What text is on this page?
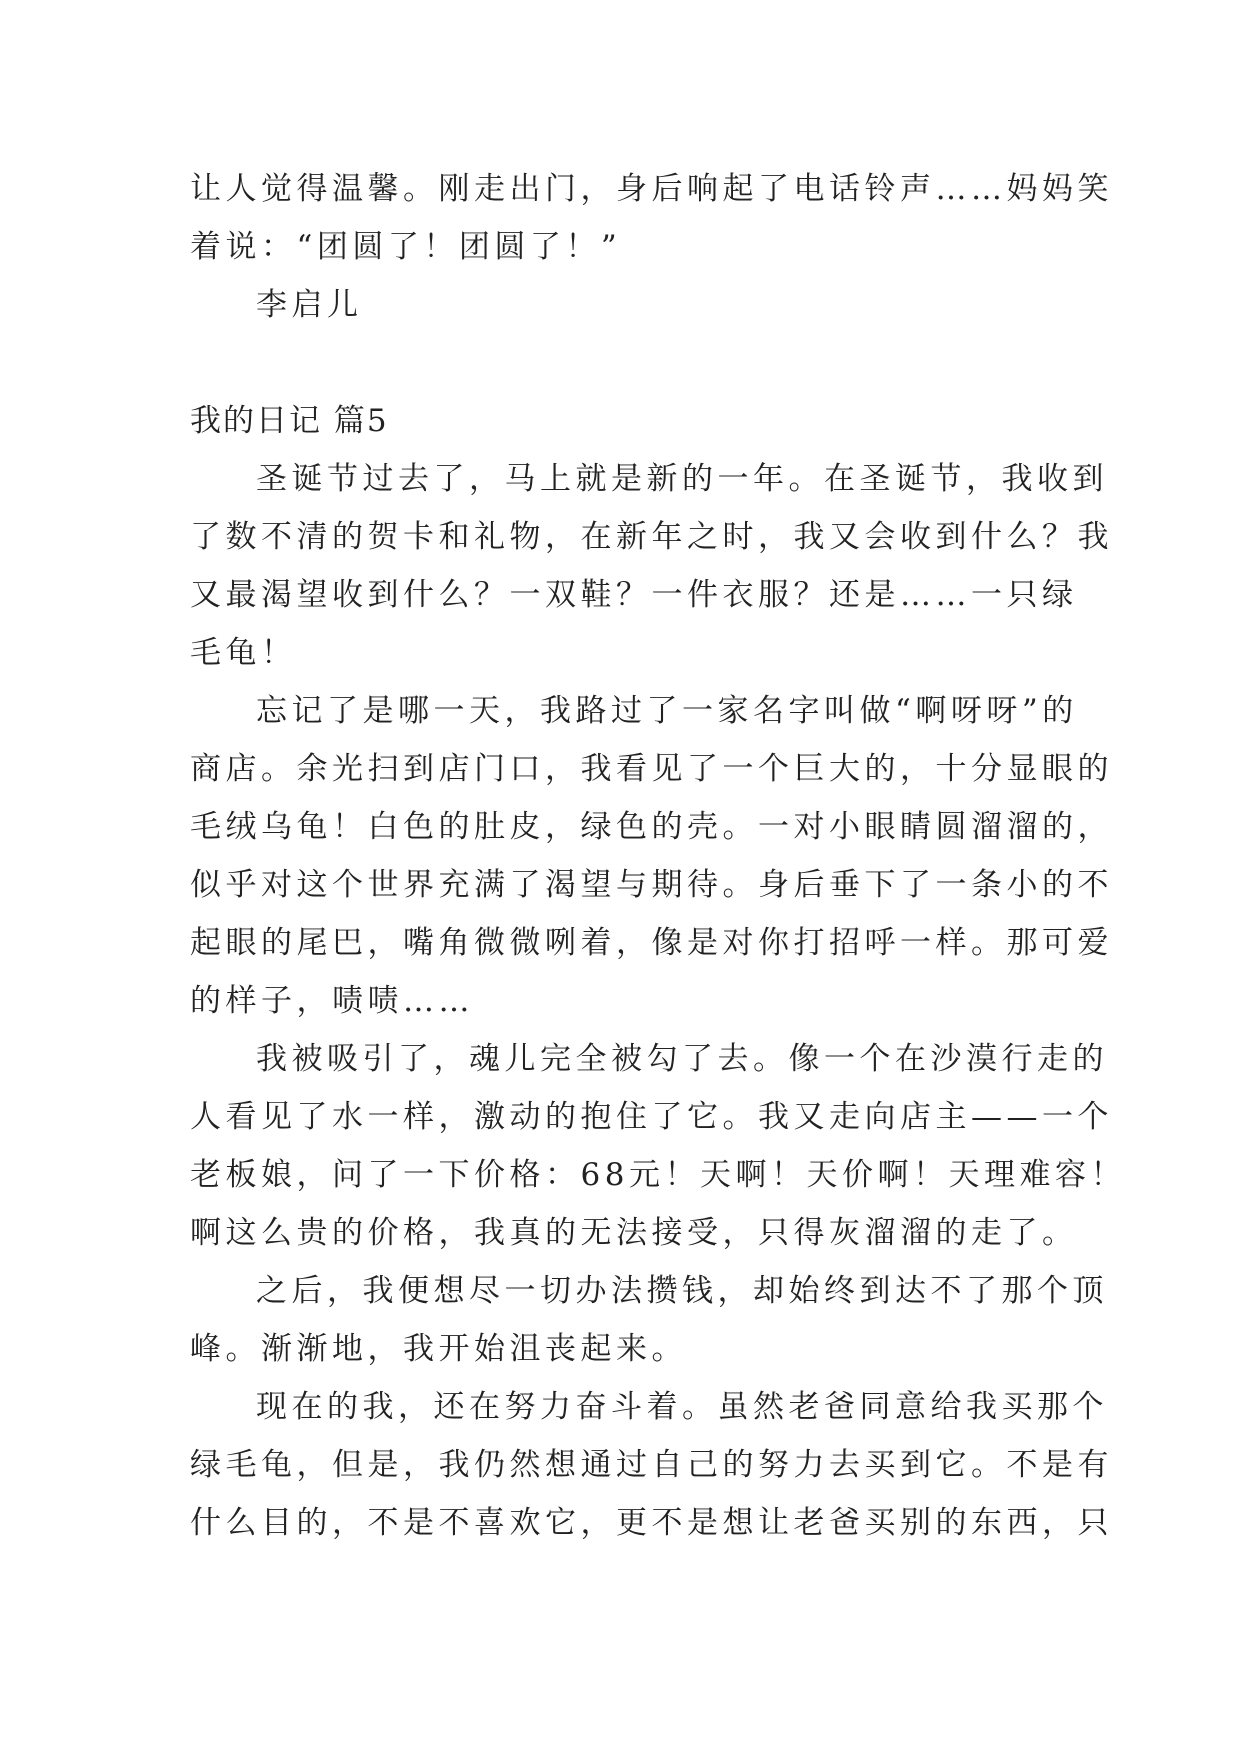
让人觉得温馨。刚走出门，身后响起了电话铃声……妈妈笑
着说：“团圆了！团圆了！”
李启儿
我的日记 篇5
圣诞节过去了，马上就是新的一年。在圣诞节，我收到
了数不清的贺卡和礼物，在新年之时，我又会收到什么？我
又最渴望收到什么？一双鞋？一件衣服？还是……一只绿
毛龟！
忘记了是哪一天，我路过了一家名字叫做“啊呀呀”的
商店。余光扫到店门口，我看见了一个巨大的，十分显眼的
毛绒乌龟！白色的肚皮，绿色的壳。一对小眼睛圆溜溜的，
似乎对这个世界充满了渴望与期待。身后垂下了一条小的不
起眼的尾巴，嘴角微微咧着，像是对你打招呼一样。那可爱
的样子，啧啧……
我被吸引了，魂儿完全被勾了去。像一个在沙漠行走的
人看见了水一样，激动的抱住了它。我又走向店主——一个
老板娘，问了一下价格：68元！天啊！天价啊！天理难容！
啊这么贵的价格，我真的无法接受，只得灰溜溜的走了。
之后，我便想尽一切办法攒钱，却始终到达不了那个顶
峰。渐渐地，我开始沮丧起来。
现在的我，还在努力奋斗着。虽然老爸同意给我买那个
绿毛龟，但是，我仍然想通过自己的努力去买到它。不是有
什么目的，不是不喜欢它，更不是想让老爸买别的东西，只
